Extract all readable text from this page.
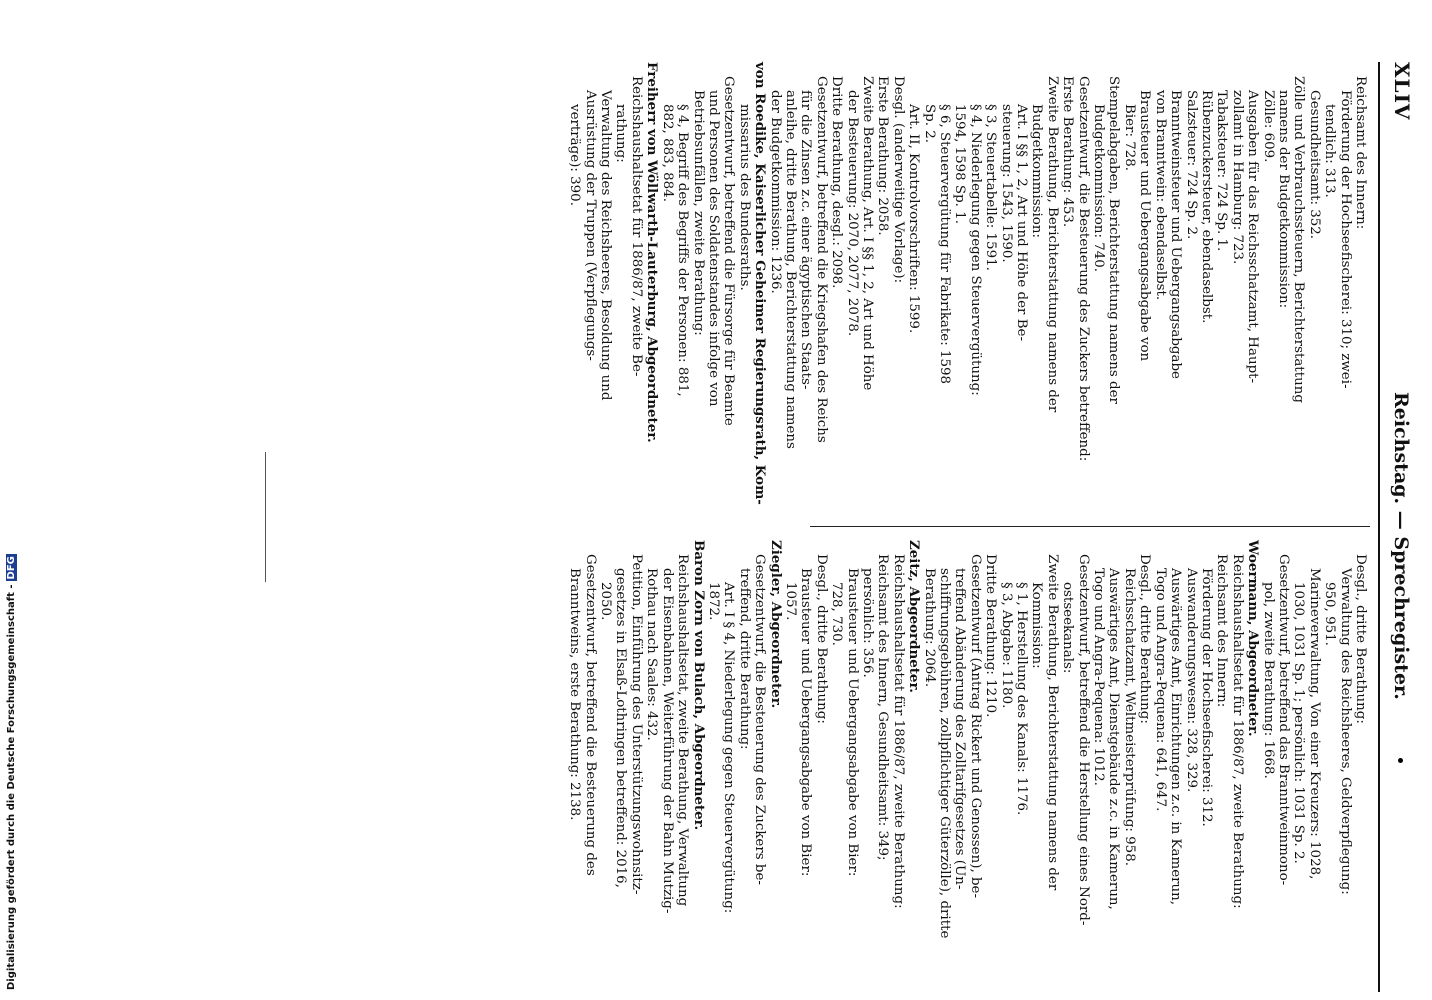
XLIV
Reichstag. — Sprechregister.
Reichsamt des Innern:
Förderung der Hochseefischerei: 310; zwei-
tendlich: 313.
Gesundheitsamt: 352.
Zölle und Verbrauchssteuern, Berichterstattung
namens der Budgetkommission:
Zölle: 609.
Ausgaben für das Reichsschatzamt, Haupt-
zollamt in Hamburg: 723.
Tabaksteuer: 724 Sp. 1.
Rübenzuckersteuer, ebendaselbst.
Salzsteuer: 724 Sp. 2.
Branntweinsteuer und Uebergangsabgabe
von Branntwein: ebendaselbst.
Brausteuer und Uebergangsabgabe von
Bier: 728.
Stempelabgaben, Berichterstattung namens der
Budgetkommission: 740.
Gesetzentwurf, die Besteuerung des Zuckers betreffend:
Erste Berathung: 453.
Zweite Berathung, Berichterstattung namens der
Budgetkommission:
Art. I §§ 1, 2, Art und Höhe der Be-
steuerung: 1543, 1590.
§ 3, Steuertabelle: 1591.
§ 4, Niederlegung gegen Steuervergütung:
1594, 1598 Sp. 1.
§ 6, Steuervergütung für Fabrikate: 1598
Sp. 2.
Art. II, Kontrolvorschriften: 1599.
Desgl. (anderweitige Vorlage):
Erste Berathung: 2058.
Zweite Berathung, Art. I §§ 1, 2, Art und Höhe
der Besteuerung: 2070, 2077, 2078.
Dritte Berathung, desgl.: 2098.
Gesetzentwurf, betreffend die Kriegshafen des Reichs
für die Zinsen z.c. einer ägyptischen Staats-
anleihe, dritte Berathung, Berichterstattung namens
der Budgetkommission: 1236.
von Roedike, Kaiserlicher Geheimer Regierungsrath, Kom-
missarius des Bundesraths.
Gesetzentwurf, betreffend die Fürsorge für Beamte
und Personen des Soldatenstandes infolge von
Betriebsunfällen, zweite Berathung:
§ 4, Begriff des Begriffs der Personen: 881,
882, 883, 884.
Freiherr von Wöllwarth-Lauterburg, Abgeordneter.
Reichshaushaltsetat für 1886/87, zweite Be-
rathung:
Verwaltung des Reichsheeres, Besoldung und
Ausrüstung der Truppen (Verpflegungs-
verträge): 390.
Desgl., dritte Berathung:
Verwaltung des Reichsheeres, Geldverpflegung:
950, 951.
Marineverwaltung, Von einer Kreuzers: 1028,
1030, 1031 Sp. 1; persönlich: 1031 Sp. 2.
Gesetzentwurf, betreffend das Branntweinmono-
pol, zweite Berathung: 1668.
Woermann, Abgeordneter.
Reichshaushaltsetat für 1886/87, zweite Berathung:
Reichsamt des Innern:
Förderung der Hochseefischerei: 312.
Auswanderungswesen: 328, 329.
Auswärtiges Amt, Einrichtungen z.c. in Kamerun,
Togo und Angra-Pequena: 641, 647.
Desgl., dritte Berathung:
Reichsschatzamt, Weltmeisterprüfung: 958.
Auswärtiges Amt, Dienstgebäude z.c. in Kamerun,
Togo und Angra-Pequena: 1012.
Gesetzentwurf, betreffend die Herstellung eines Nord-
ostseekanals:
Zweite Berathung, Berichterstattung namens der
Kommission:
§ 1, Herstellung des Kanals: 1176.
§ 3, Abgabe: 1180.
Dritte Berathung: 1210.
Gesetzentwurf (Antrag Rickert und Genossen), be-
treffend Abänderung des Zolltarifgesetzes (Un-
schiffrungsgebühren, zollpflichtiger Güterzölle), dritte
Berathung: 2064.
Zeitz, Abgeordneter.
Reichshaushaltsetat für 1886/87, zweite Berathung:
Reichsamt des Innern, Gesundheitsamt: 349;
persönlich: 356.
Brausteuer und Uebergangsabgabe von Bier:
728, 730.
Desgl., dritte Berathung:
Brausteuer und Uebergangsabgabe von Bier:
1057.
Ziegler, Abgeordneter.
Gesetzentwurf, die Besteuerung des Zuckers be-
treffend, dritte Berathung:
Art. I § 4, Niederlegung gegen Steuervergütung:
1872.
Baron Zorn von Bulach, Abgeordneter.
Reichshaushaltsetat, zweite Berathung, Verwaltung
der Eisenbahnen, Weiterführung der Bahn Mutzig-
Rothau nach Saales: 432.
Petition, Einführung des Unterstützungswohnsitz-
gesetzes in Elsaß-Lothringen betreffend: 2016,
2050.
Gesetzentwurf, betreffend die Besteuerung des
Branntweins, erste Berathung: 2138.
Digitalisierung gefördert durch die Deutsche Forschungsgemeinschaft -DFG
